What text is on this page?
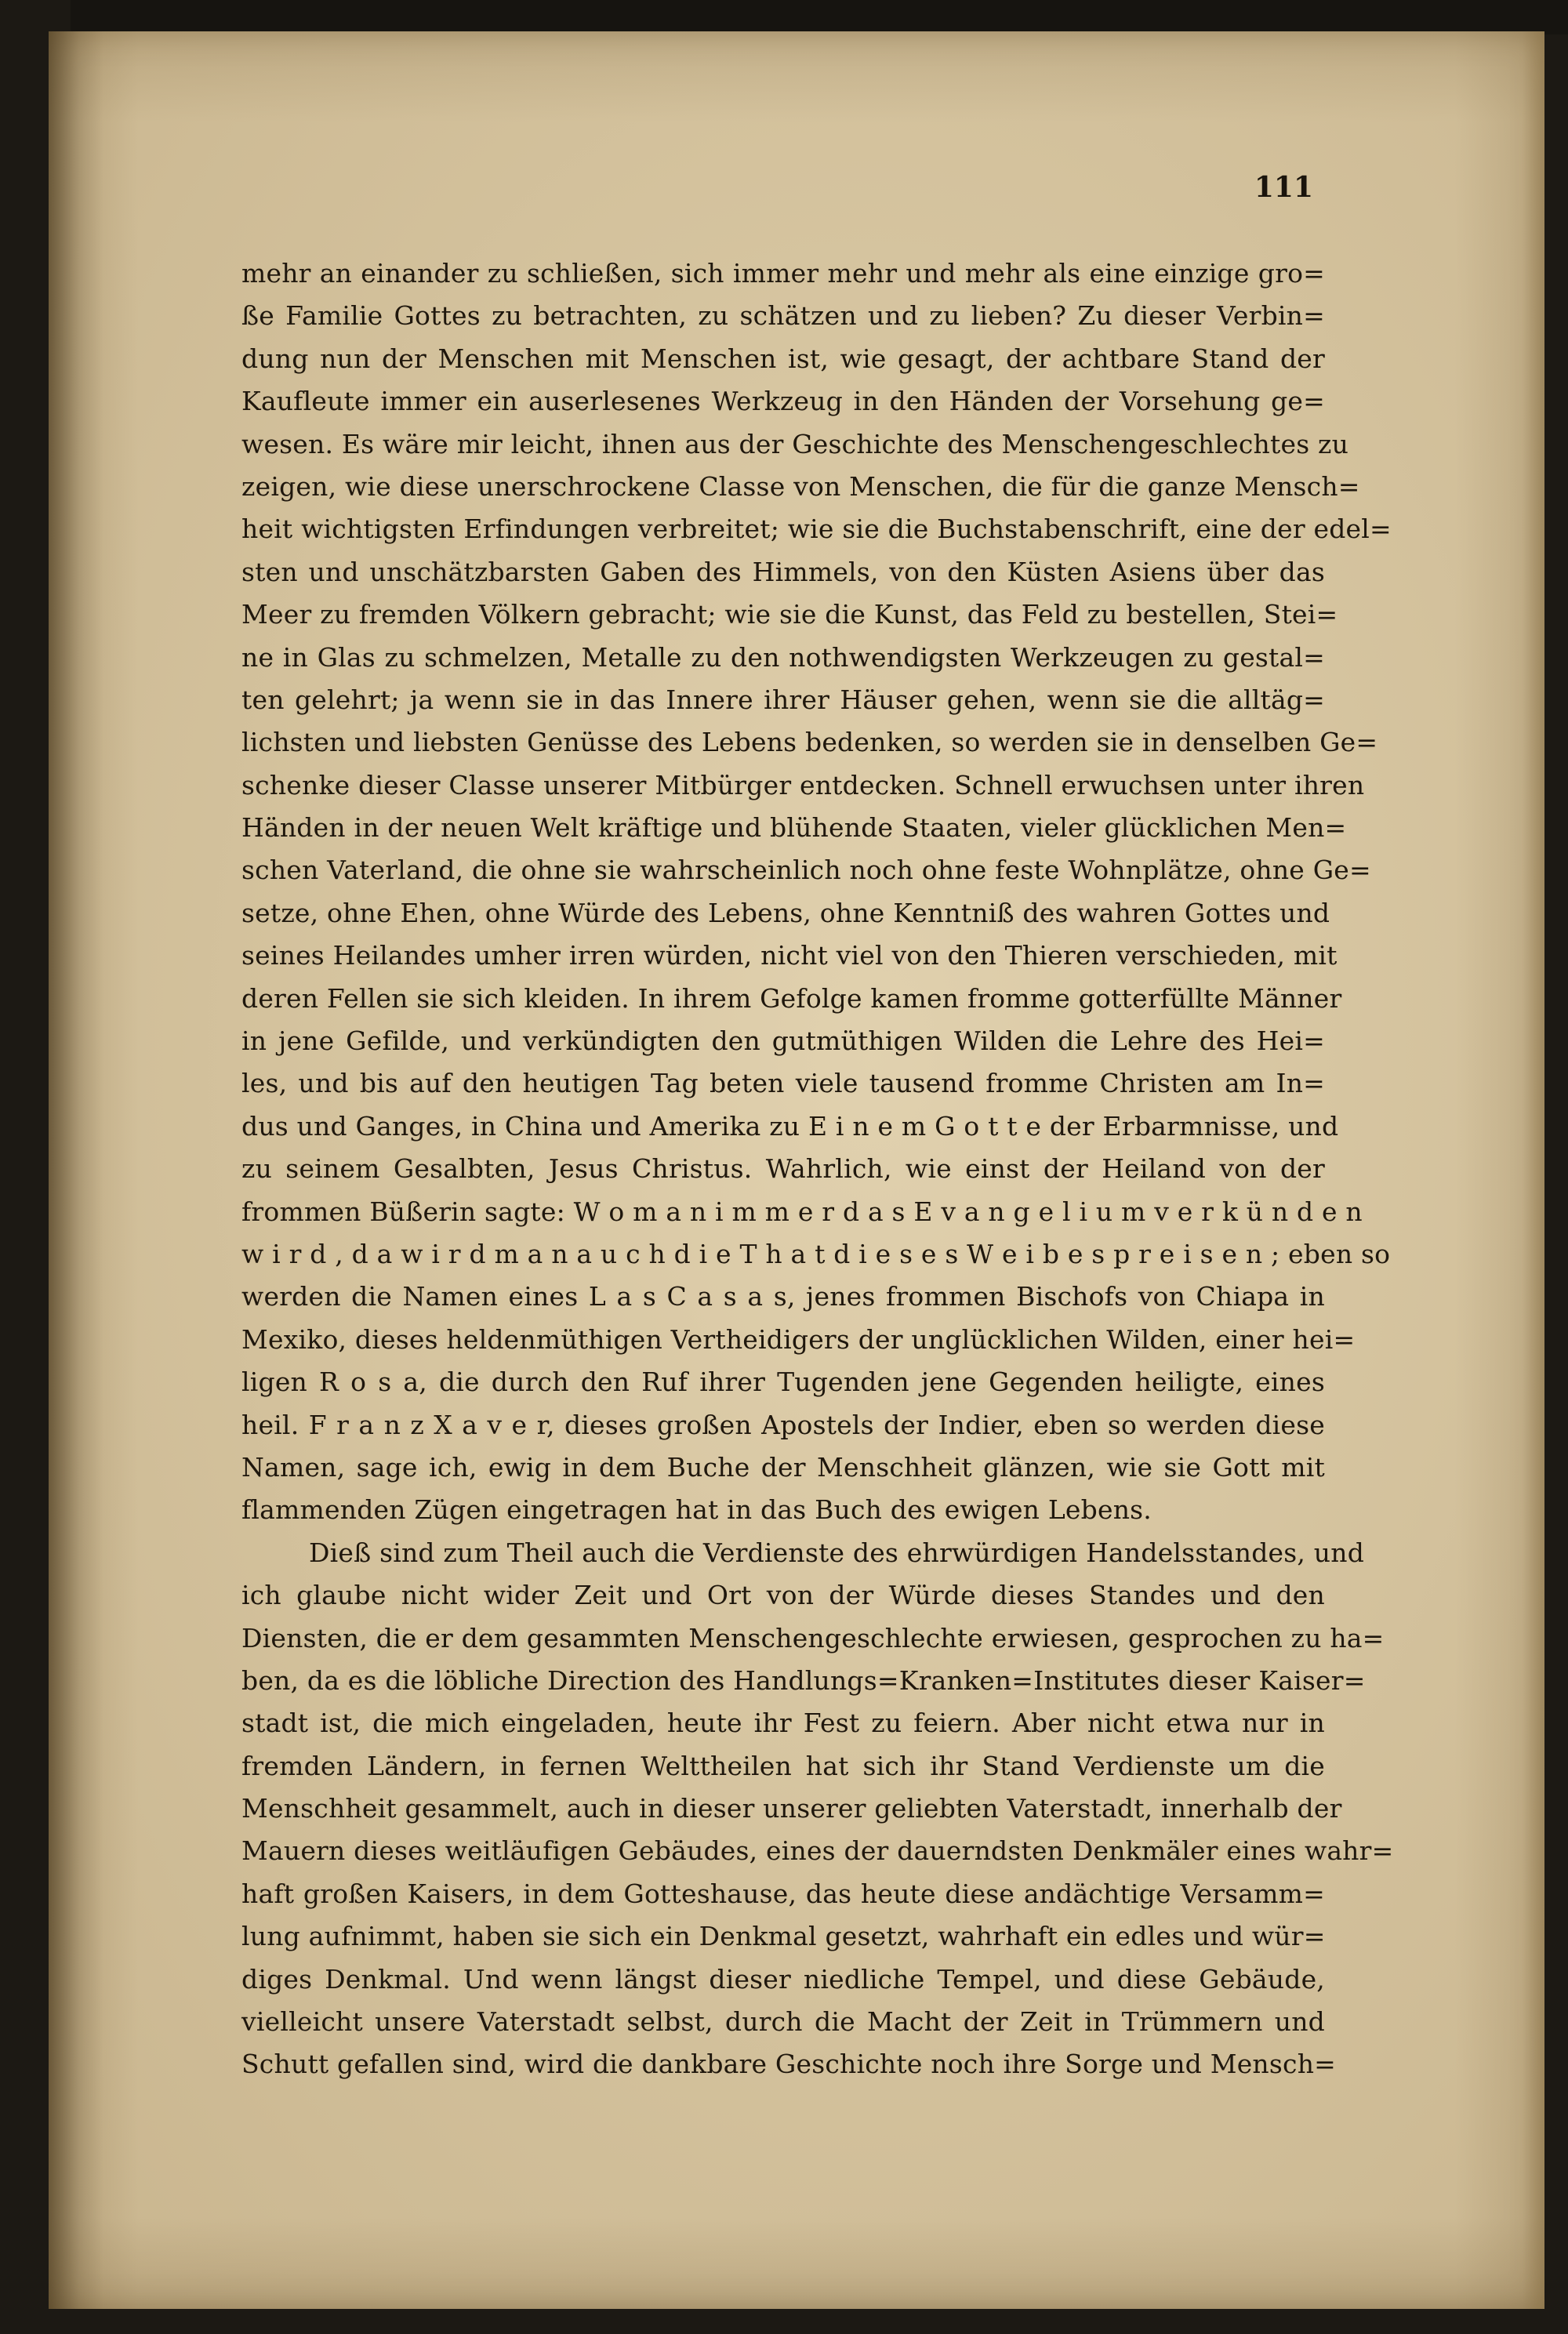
111
mehr an einander zu schließen, sich immer mehr und mehr als eine einzige gro=
ße Familie Gottes zu betrachten, zu schätzen und zu lieben? Zu dieser Verbin=
dung nun der Menschen mit Menschen ist, wie gesagt, der achtbare Stand der
Kaufleute immer ein auserlesenes Werkzeug in den Händen der Vorsehung ge=
wesen. Es wäre mir leicht, ihnen aus der Geschichte des Menschengeschlechtes zu
zeigen, wie diese unerschrockene Classe von Menschen, die für die ganze Mensch=
heit wichtigsten Erfindungen verbreitet; wie sie die Buchstabenschrift, eine der edel=
sten und unschätzbarsten Gaben des Himmels, von den Küsten Asiens über das
Meer zu fremden Völkern gebracht; wie sie die Kunst, das Feld zu bestellen, Stei=
ne in Glas zu schmelzen, Metalle zu den nothwendigsten Werkzeugen zu gestal=
ten gelehrt; ja wenn sie in das Innere ihrer Häuser gehen, wenn sie die alltäg=
lichsten und liebsten Genüsse des Lebens bedenken, so werden sie in denselben Ge=
schenke dieser Classe unserer Mitbürger entdecken. Schnell erwuchsen unter ihren
Händen in der neuen Welt kräftige und blühende Staaten, vieler glücklichen Men=
schen Vaterland, die ohne sie wahrscheinlich noch ohne feste Wohnplätze, ohne Ge=
setze, ohne Ehen, ohne Würde des Lebens, ohne Kenntniß des wahren Gottes und
seines Heilandes umher irren würden, nicht viel von den Thieren verschieden, mit
deren Fellen sie sich kleiden. In ihrem Gefolge kamen fromme gotterfüllte Männer
in jene Gefilde, und verkündigten den gutmüthigen Wilden die Lehre des Hei=
les, und bis auf den heutigen Tag beten viele tausend fromme Christen am In=
dus und Ganges, in China und Amerika zu E i n e m G o t t e der Erbarmnisse, und
zu seinem Gesalbten, Jesus Christus. Wahrlich, wie einst der Heiland von der
frommen Büßerin sagte: W o m a n i m m e r d a s E v a n g e l i u m v e r k ü n d e n
w i r d , d a w i r d m a n a u c h d i e T h a t d i e s e s W e i b e s p r e i s e n ; eben so
werden die Namen eines L a s C a s a s, jenes frommen Bischofs von Chiapa in
Mexiko, dieses heldenmüthigen Vertheidigers der unglücklichen Wilden, einer hei=
ligen R o s a, die durch den Ruf ihrer Tugenden jene Gegenden heiligte, eines
heil. F r a n z X a v e r, dieses großen Apostels der Indier, eben so werden diese
Namen, sage ich, ewig in dem Buche der Menschheit glänzen, wie sie Gott mit
flammenden Zügen eingetragen hat in das Buch des ewigen Lebens.
Dieß sind zum Theil auch die Verdienste des ehrwürdigen Handelsstandes, und
ich glaube nicht wider Zeit und Ort von der Würde dieses Standes und den
Diensten, die er dem gesammten Menschengeschlechte erwiesen, gesprochen zu ha=
ben, da es die löbliche Direction des Handlungs=Kranken=Institutes dieser Kaiser=
stadt ist, die mich eingeladen, heute ihr Fest zu feiern. Aber nicht etwa nur in
fremden Ländern, in fernen Welttheilen hat sich ihr Stand Verdienste um die
Menschheit gesammelt, auch in dieser unserer geliebten Vaterstadt, innerhalb der
Mauern dieses weitläufigen Gebäudes, eines der dauerndsten Denkmäler eines wahr=
haft großen Kaisers, in dem Gotteshause, das heute diese andächtige Versamm=
lung aufnimmt, haben sie sich ein Denkmal gesetzt, wahrhaft ein edles und wür=
diges Denkmal. Und wenn längst dieser niedliche Tempel, und diese Gebäude,
vielleicht unsere Vaterstadt selbst, durch die Macht der Zeit in Trümmern und
Schutt gefallen sind, wird die dankbare Geschichte noch ihre Sorge und Mensch=
